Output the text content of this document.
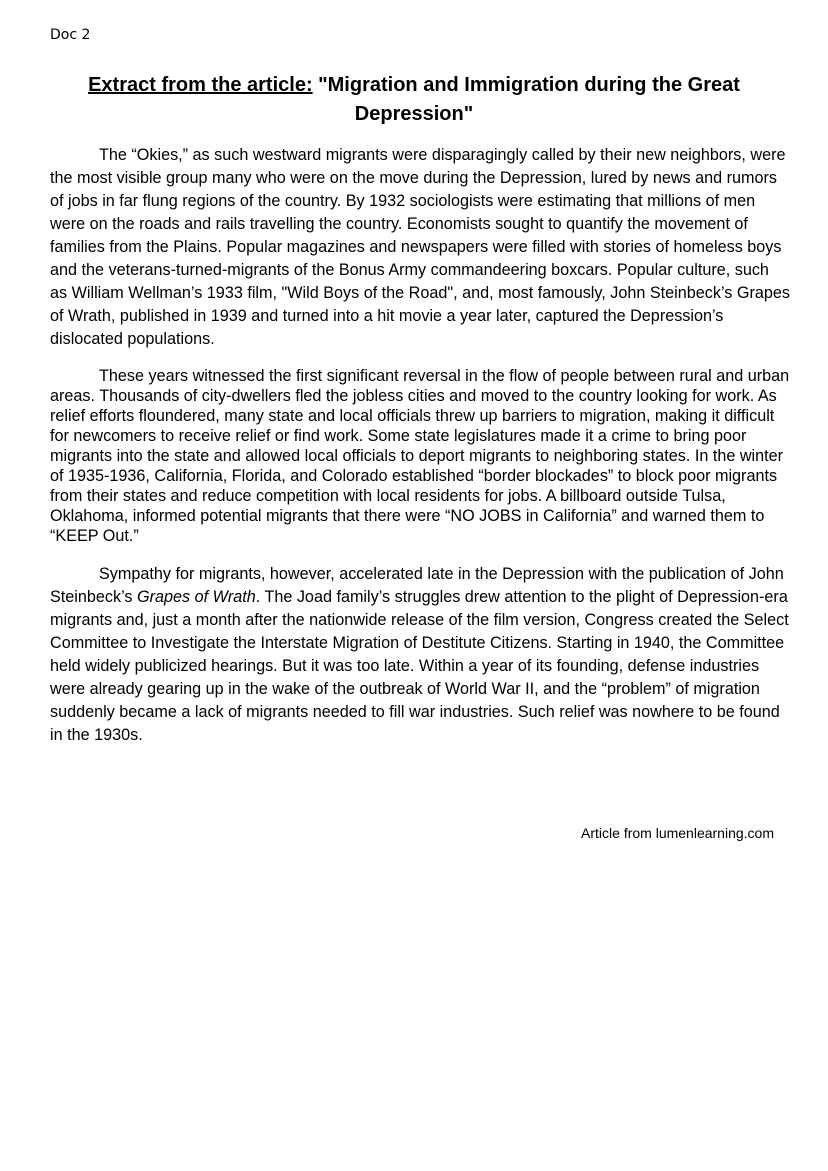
Doc 2
Extract from the article: "Migration and Immigration during the Great Depression"

The “Okies,” as such westward migrants were disparagingly called by their new neighbors, were the most visible group many who were on the move during the Depression, lured by news and rumors of jobs in far flung regions of the country. By 1932 sociologists were estimating that millions of men were on the roads and rails travelling the country. Economists sought to quantify the movement of families from the Plains. Popular magazines and newspapers were filled with stories of homeless boys and the veterans-turned-migrants of the Bonus Army commandeering boxcars. Popular culture, such as William Wellman’s 1933 film, "Wild Boys of the Road", and, most famously, John Steinbeck’s Grapes of Wrath, published in 1939 and turned into a hit movie a year later, captured the Depression’s dislocated populations.

These years witnessed the first significant reversal in the flow of people between rural and urban areas. Thousands of city-dwellers fled the jobless cities and moved to the country looking for work. As relief efforts floundered, many state and local officials threw up barriers to migration, making it difficult for newcomers to receive relief or find work. Some state legislatures made it a crime to bring poor migrants into the state and allowed local officials to deport migrants to neighboring states. In the winter of 1935-1936, California, Florida, and Colorado established “border blockades” to block poor migrants from their states and reduce competition with local residents for jobs. A billboard outside Tulsa, Oklahoma, informed potential migrants that there were “NO JOBS in California” and warned them to “KEEP Out.”

Sympathy for migrants, however, accelerated late in the Depression with the publication of John Steinbeck’s Grapes of Wrath. The Joad family’s struggles drew attention to the plight of Depression-era migrants and, just a month after the nationwide release of the film version, Congress created the Select Committee to Investigate the Interstate Migration of Destitute Citizens. Starting in 1940, the Committee held widely publicized hearings. But it was too late. Within a year of its founding, defense industries were already gearing up in the wake of the outbreak of World War II, and the “problem” of migration suddenly became a lack of migrants needed to fill war industries. Such relief was nowhere to be found in the 1930s.

Article from lumenlearning.com
